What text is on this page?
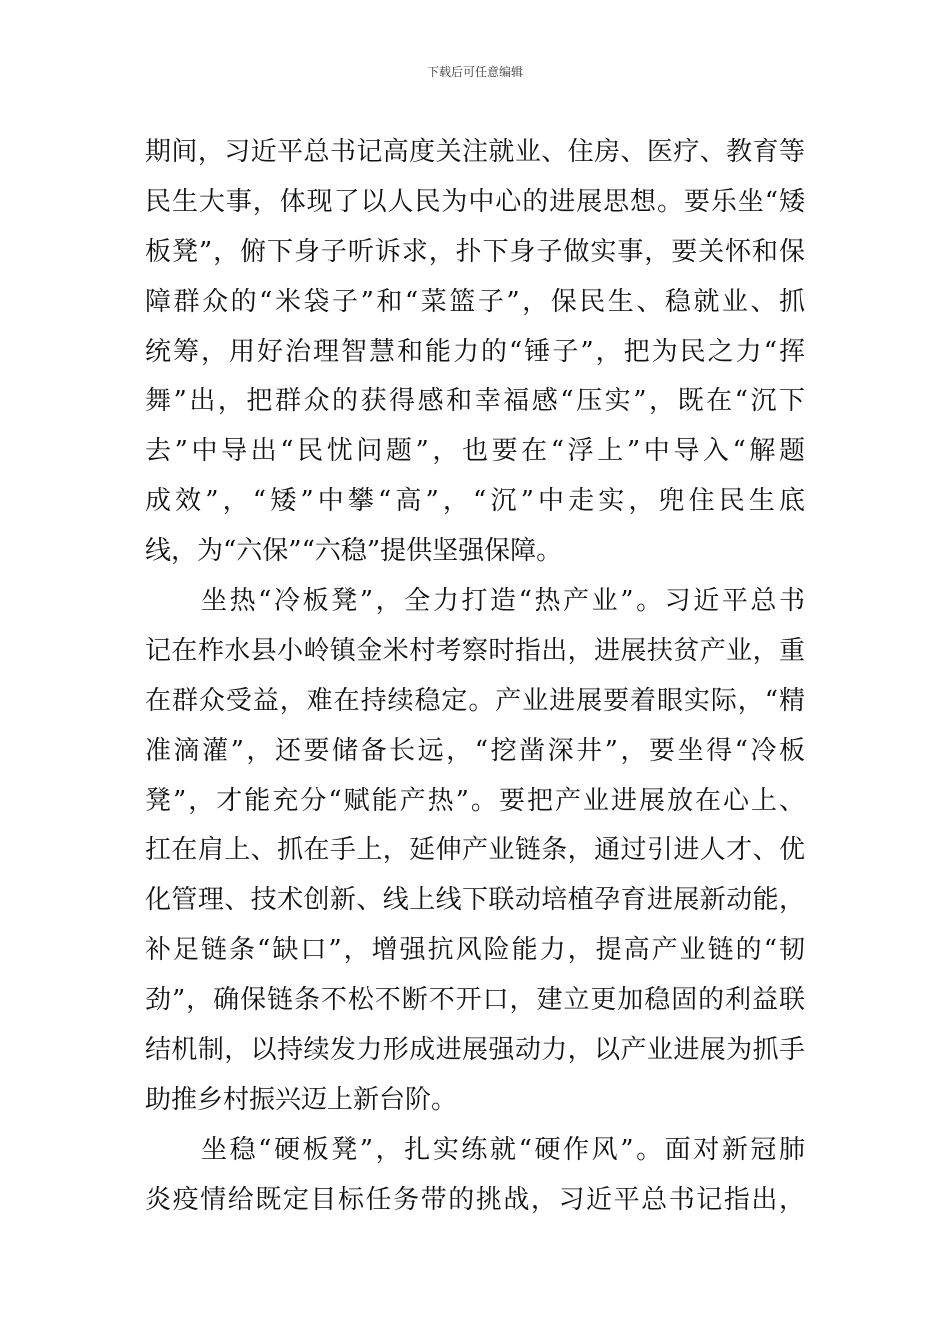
下载后可任意编辑
期间，习近平总书记高度关注就业、住房、医疗、教育等
民生大事，体现了以人民为中心的进展思想。要乐坐“矮
板凳”，俯下身子听诉求，扑下身子做实事，要关怀和保
障群众的“米袋子”和“菜篮子”，保民生、稳就业、抓
统筹，用好治理智慧和能力的“锤子”，把为民之力“挥
舞”出，把群众的获得感和幸福感“压实”，既在“沉下
去”中导出“民忧问题”，也要在“浮上”中导入“解题
成效”，“矮”中攀“高”，“沉”中走实，兜住民生底
线，为“六保”“六稳”提供坚强保障。
坐热“冷板凳”，全力打造“热产业”。习近平总书
记在柞水县小岭镇金米村考察时指出，进展扶贫产业，重
在群众受益，难在持续稳定。产业进展要着眼实际，“精
准滴灌”，还要储备长远，“挖凿深井”，要坐得“冷板
凳”，才能充分“赋能产热”。要把产业进展放在心上、
扛在肩上、抓在手上，延伸产业链条，通过引进人才、优
化管理、技术创新、线上线下联动培植孕育进展新动能，
补足链条“缺口”，增强抗风险能力，提高产业链的“韧
劲”，确保链条不松不断不开口，建立更加稳固的利益联
结机制，以持续发力形成进展强动力，以产业进展为抓手
助推乡村振兴迈上新台阶。
坐稳“硬板凳”，扎实练就“硬作风”。面对新冠肺
炎疫情给既定目标任务带的挑战，习近平总书记指出，
